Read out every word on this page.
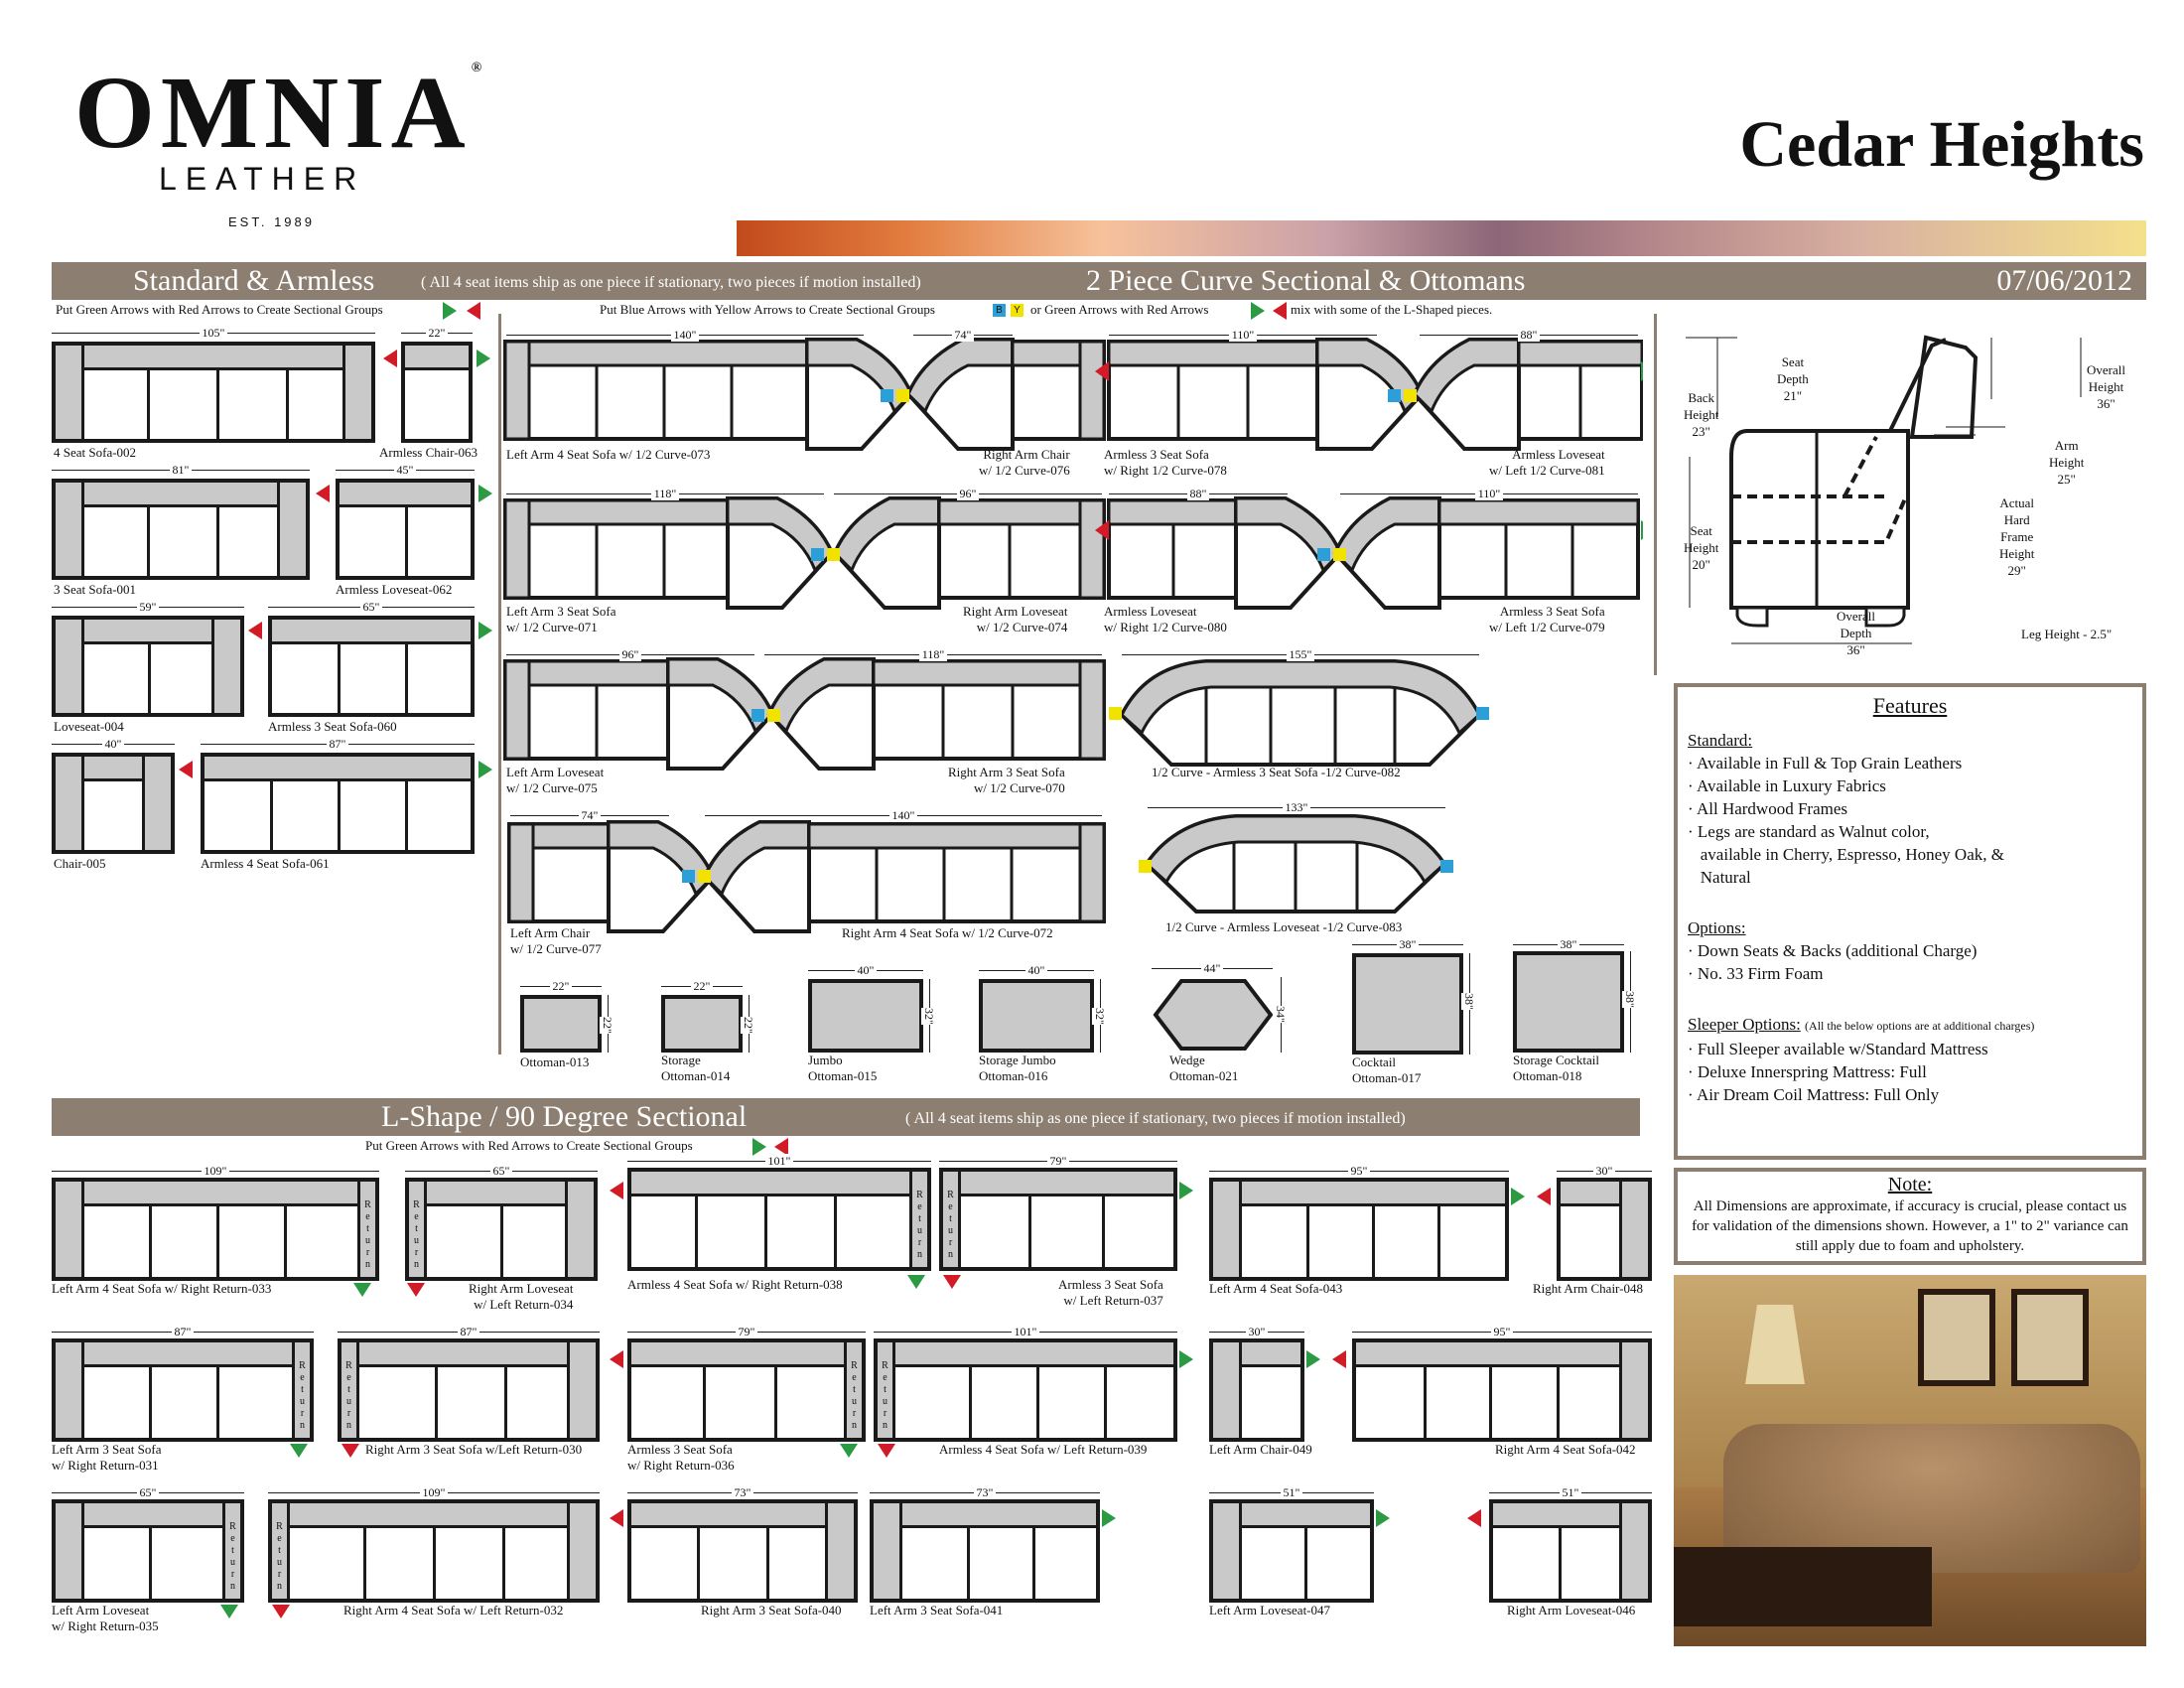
OMNIA®
LEATHER
EST. 1989
Cedar Heights
Standard & Armless	( All 4 seat items ship as one piece if stationary, two pieces if motion installed)	2 Piece Curve Sectional & Ottomans	07/06/2012
Put Green Arrows with Red Arrows to Create Sectional Groups	Put Blue Arrows with Yellow Arrows to Create Sectional Groups	B	Y or Green Arrows with Red Arrows	mix with some of the L-Shaped pieces.
105"
4 Seat Sofa-002
22"
Armless Chair-063
81"
3 Seat Sofa-001
45"
Armless Loveseat-062
59"
Loveseat-004
65"
Armless 3 Seat Sofa-060
40"
Chair-005
87"
Armless 4 Seat Sofa-061
140"	74"	110"	88"
Left Arm 4 Seat Sofa w/ 1/2 Curve-073	Right Arm Chair
w/ 1/2 Curve-076
Armless 3 Seat Sofa
w/ Right 1/2 Curve-078
Armless Loveseat
w/ Left 1/2 Curve-081
118"	96"	88"	110"
Left Arm 3 Seat Sofa
w/ 1/2 Curve-071
Right Arm Loveseat
w/ 1/2 Curve-074
Armless Loveseat
w/ Right 1/2 Curve-080
Armless 3 Seat Sofa
w/ Left 1/2 Curve-079
96"	118"	155"
Left Arm Loveseat
w/ 1/2 Curve-075
Right Arm 3 Seat Sofa
w/ 1/2 Curve-070
1/2 Curve - Armless 3 Seat Sofa -1/2 Curve-082
74"	140"
133"
Left Arm Chair
w/ 1/2 Curve-077
Right Arm 4 Seat Sofa w/ 1/2 Curve-072	1/2 Curve - Armless Loveseat -1/2 Curve-083
22"
22"
Ottoman-013
22"
22"
Storage
Ottoman-014
40"
32"
Jumbo
Ottoman-015
40"
32"
Storage Jumbo
Ottoman-016
44"
34"
Wedge
Ottoman-021
38"
38"
Cocktail
Ottoman-017
38"
38"
Storage Cocktail
Ottoman-018
Back
Height
23"
Seat
Depth
21"
Overall
Height
36"
Arm
Height
25"
Seat
Height
20"
Actual
Hard
Frame
Height
29"
Overall
Depth
36"
Leg Height - 2.5"
Features
Standard:
· Available in Full & Top Grain Leathers
· Available in Luxury Fabrics
· All Hardwood Frames
· Legs are standard as Walnut color,
available in Cherry, Espresso, Honey Oak, &
Natural
Options:
· Down Seats & Backs (additional Charge)
· No. 33 Firm Foam
Sleeper Options: (All the below options are at additional charges)
· Full Sleeper available w/Standard Mattress
· Deluxe Innerspring Mattress: Full
· Air Dream Coil Mattress: Full Only
Note:
All Dimensions are approximate, if accuracy is crucial, please contact us for validation of the dimensions shown. However, a 1" to 2" variance can still apply due to foam and upholstery.
L-Shape / 90 Degree Sectional	( All 4 seat items ship as one piece if stationary, two pieces if motion installed)
Put Green Arrows with Red Arrows to Create Sectional Groups
109"
R
e
t
u
r
n
Left Arm 4 Seat Sofa w/ Right Return-033
65"
R
e
t
u
r
n
Right Arm Loveseat
w/ Left Return-034
101"
R
e
t
u
r
n
Armless 4 Seat Sofa w/ Right Return-038
79"
R
e
t
u
r
n
Armless 3 Seat Sofa
w/ Left Return-037
95"
Left Arm 4 Seat Sofa-043
30"
Right Arm Chair-048
87"
R
e
t
u
r
n
Left Arm 3 Seat Sofa
w/ Right Return-031
87"
R
e
t
u
r
n
Right Arm 3 Seat Sofa w/Left Return-030
79"
R
e
t
u
r
n
Armless 3 Seat Sofa
w/ Right Return-036
101"
R
e
t
u
r
n
Armless 4 Seat Sofa w/ Left Return-039
30"
Left Arm Chair-049
95"
Right Arm 4 Seat Sofa-042
65"
R
e
t
u
r
n
Left Arm Loveseat
w/ Right Return-035
109"
R
e
t
u
r
n
Right Arm 4 Seat Sofa w/ Left Return-032
73"
Right Arm 3 Seat Sofa-040
73"
Left Arm 3 Seat Sofa-041
51"
Left Arm Loveseat-047
51"
Right Arm Loveseat-046
